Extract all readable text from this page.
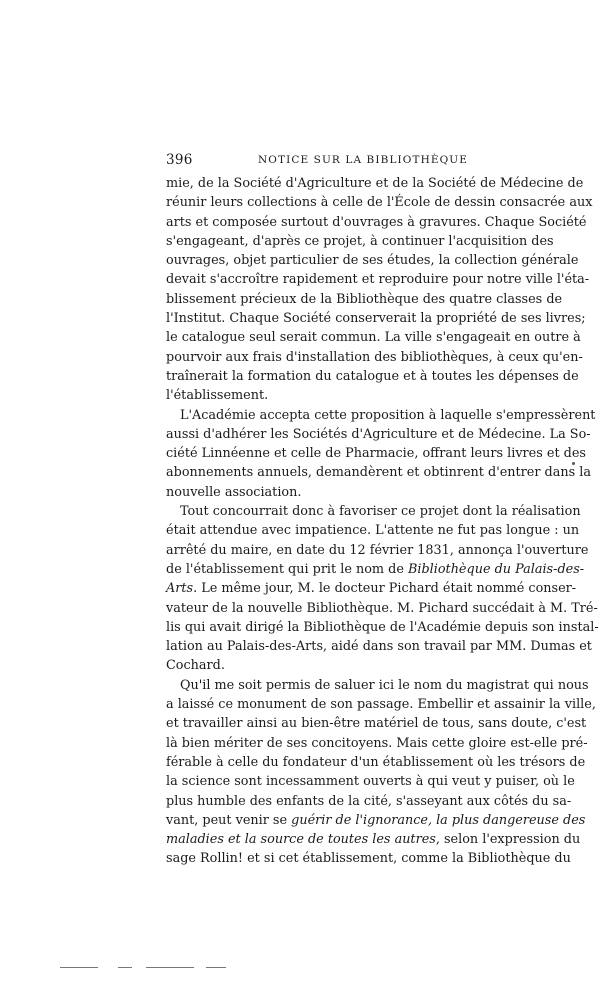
396	NOTICE SUR LA BIBLIOTHÈQUE
mie, de la Société d'Agriculture et de la Société de Médecine de
réunir leurs collections à celle de l'École de dessin consacrée aux
arts et composée surtout d'ouvrages à gravures. Chaque Société
s'engageant, d'après ce projet, à continuer l'acquisition des
ouvrages, objet particulier de ses études, la collection générale
devait s'accroître rapidement et reproduire pour notre ville l'éta-
blissement précieux de la Bibliothèque des quatre classes de
l'Institut. Chaque Société conserverait la propriété de ses livres;
le catalogue seul serait commun. La ville s'engageait en outre à
pourvoir aux frais d'installation des bibliothèques, à ceux qu'en-
traînerait la formation du catalogue et à toutes les dépenses de
l'établissement.
L'Académie accepta cette proposition à laquelle s'empressèrent
aussi d'adhérer les Sociétés d'Agriculture et de Médecine. La So-
ciété Linnéenne et celle de Pharmacie, offrant leurs livres et des
abonnements annuels, demandèrent et obtinrent d'entrer dans la
nouvelle association.
Tout concourrait donc à favoriser ce projet dont la réalisation
était attendue avec impatience. L'attente ne fut pas longue : un
arrêté du maire, en date du 12 février 1831, annonça l'ouverture
de l'établissement qui prit le nom de Bibliothèque du Palais-des-
Arts. Le même jour, M. le docteur Pichard était nommé conser-
vateur de la nouvelle Bibliothèque. M. Pichard succédait à M. Tré-
lis qui avait dirigé la Bibliothèque de l'Académie depuis son instal-
lation au Palais-des-Arts, aidé dans son travail par MM. Dumas et
Cochard.
Qu'il me soit permis de saluer ici le nom du magistrat qui nous
a laissé ce monument de son passage. Embellir et assainir la ville,
et travailler ainsi au bien-être matériel de tous, sans doute, c'est
là bien mériter de ses concitoyens. Mais cette gloire est-elle pré-
férable à celle du fondateur d'un établissement où les trésors de
la science sont incessamment ouverts à qui veut y puiser, où le
plus humble des enfants de la cité, s'asseyant aux côtés du sa-
vant, peut venir se guérir de l'ignorance, la plus dangereuse des
maladies et la source de toutes les autres, selon l'expression du
sage Rollin! et si cet établissement, comme la Bibliothèque du
